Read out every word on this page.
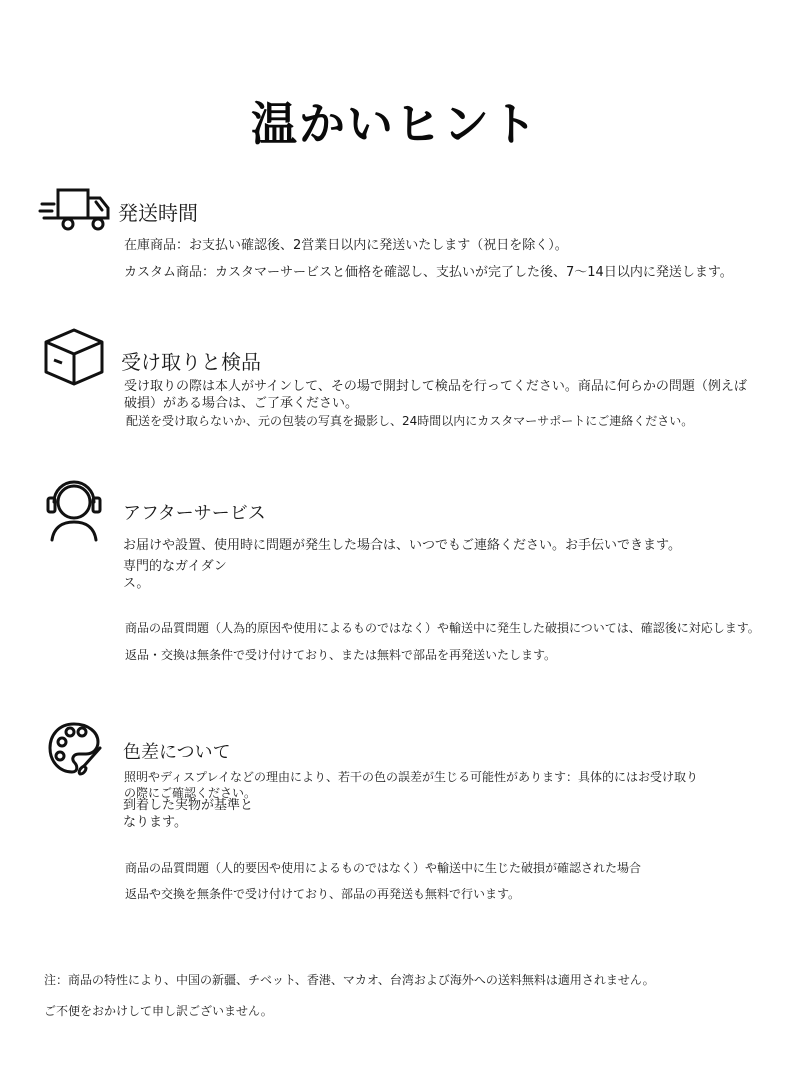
温かいヒント
発送時間
在庫商品：お支払い確認後、2営業日以内に発送いたします（祝日を除く）。
カスタム商品：カスタマーサービスと価格を確認し、支払いが完了した後、7〜14日以内に発送します。
受け取りと検品
受け取りの際は本人がサインして、その場で開封して検品を行ってください。商品に何らかの問題（例えば
破損）がある場合は、ご了承ください。
配送を受け取らないか、元の包装の写真を撮影し、24時間以内にカスタマーサポートにご連絡ください。
アフターサービス
お届けや設置、使用時に問題が発生した場合は、いつでもご連絡ください。お手伝いできます。
専門的なガイダン
ス。
商品の品質問題（人為的原因や使用によるものではなく）や輸送中に発生した破損については、確認後に対応します。
返品・交換は無条件で受け付けており、または無料で部品を再発送いたします。
色差について
照明やディスプレイなどの理由により、若干の色の誤差が生じる可能性があります：具体的にはお受け取り
の際にご確認ください。
到着した実物が基準と
なります。
商品の品質問題（人的要因や使用によるものではなく）や輸送中に生じた破損が確認された場合
返品や交換を無条件で受け付けており、部品の再発送も無料で行います。
注：商品の特性により、中国の新疆、チベット、香港、マカオ、台湾および海外への送料無料は適用されません。
ご不便をおかけして申し訳ございません。
